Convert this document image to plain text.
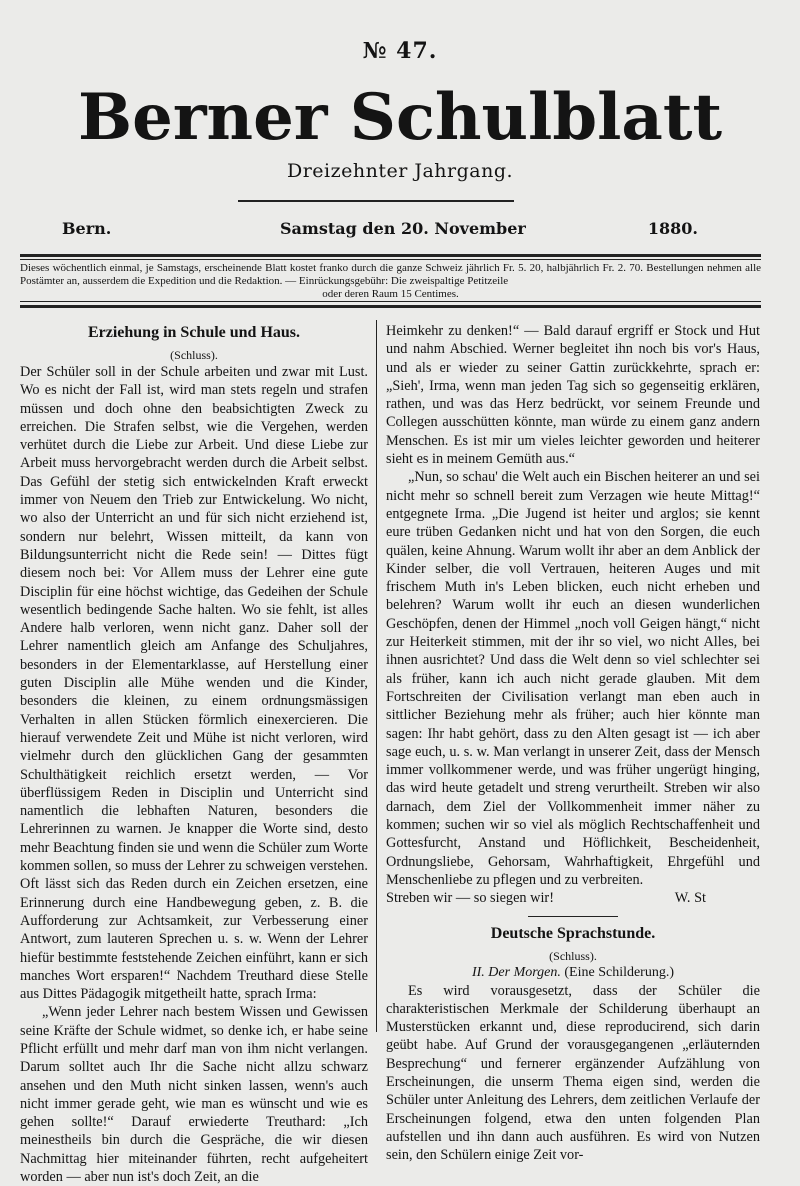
№ 47.
Berner Schulblatt
Dreizehnter Jahrgang.
Bern.	Samstag den 20. November	1880.
Dieses wöchentlich einmal, je Samstags, erscheinende Blatt kostet franko durch die ganze Schweiz jährlich Fr. 5. 20, halbjährlich Fr. 2. 70. Bestellungen nehmen alle Postämter an, ausserdem die Expedition und die Redaktion. — Einrückungsgebühr: Die zweispaltige Petitzeile
oder deren Raum 15 Centimes.

Erziehung in Schule und Haus.

(Schluss).

Der Schüler soll in der Schule arbeiten und zwar mit Lust. Wo es nicht der Fall ist, wird man stets regeln und strafen müssen und doch ohne den beabsichtigten Zweck zu erreichen. Die Strafen selbst, wie die Vergehen, werden verhütet durch die Liebe zur Arbeit. Und diese Liebe zur Arbeit muss hervorgebracht werden durch die Arbeit selbst. Das Gefühl der stetig sich entwickelnden Kraft erweckt immer von Neuem den Trieb zur Entwickelung. Wo nicht, wo also der Unterricht an und für sich nicht erziehend ist, sondern nur belehrt, Wissen mitteilt, da kann von Bildungsunterricht nicht die Rede sein! — Dittes fügt diesem noch bei: Vor Allem muss der Lehrer eine gute Disciplin für eine höchst wichtige, das Gedeihen der Schule wesentlich bedingende Sache halten. Wo sie fehlt, ist alles Andere halb verloren, wenn nicht ganz. Daher soll der Lehrer namentlich gleich am Anfange des Schuljahres, besonders in der Elementarklasse, auf Herstellung einer guten Disciplin alle Mühe wenden und die Kinder, besonders die kleinen, zu einem ordnungsmässigen Verhalten in allen Stücken förmlich einexercieren. Die hierauf verwendete Zeit und Mühe ist nicht verloren, wird vielmehr durch den glücklichen Gang der gesammten Schulthätigkeit reichlich ersetzt werden, — Vor überflüssigem Reden in Disciplin und Unterricht sind namentlich die lebhaften Naturen, besonders die Lehrerinnen zu warnen. Je knapper die Worte sind, desto mehr Beachtung finden sie und wenn die Schüler zum Worte kommen sollen, so muss der Lehrer zu schweigen verstehen. Oft lässt sich das Reden durch ein Zeichen ersetzen, eine Erinnerung durch eine Handbewegung geben, z. B. die Aufforderung zur Achtsamkeit, zur Verbesserung einer Antwort, zum lauteren Sprechen u. s. w. Wenn der Lehrer hiefür bestimmte feststehende Zeichen einführt, kann er sich manches Wort ersparen!“ Nachdem Treuthard diese Stelle aus Dittes Pädagogik mitgetheilt hatte, sprach Irma:

„Wenn jeder Lehrer nach bestem Wissen und Gewissen seine Kräfte der Schule widmet, so denke ich, er habe seine Pflicht erfüllt und mehr darf man von ihm nicht verlangen. Darum solltet auch Ihr die Sache nicht allzu schwarz ansehen und den Muth nicht sinken lassen, wenn's auch nicht immer gerade geht, wie man es wünscht und wie es gehen sollte!“ Darauf erwiederte Treuthard: „Ich meinestheils bin durch die Gespräche, die wir diesen Nachmittag hier miteinander führten, recht aufgeheitert worden — aber nun ist's doch Zeit, an die

Heimkehr zu denken!“ — Bald darauf ergriff er Stock und Hut und nahm Abschied. Werner begleitet ihn noch bis vor's Haus, und als er wieder zu seiner Gattin zurückkehrte, sprach er: „Sieh', Irma, wenn man jeden Tag sich so gegenseitig erklären, rathen, und was das Herz bedrückt, vor seinem Freunde und Collegen ausschütten könnte, man würde zu einem ganz andern Menschen. Es ist mir um vieles leichter geworden und heiterer sieht es in meinem Gemüth aus.“

„Nun, so schau' die Welt auch ein Bischen heiterer an und sei nicht mehr so schnell bereit zum Verzagen wie heute Mittag!“ entgegnete Irma. „Die Jugend ist heiter und arglos; sie kennt eure trüben Gedanken nicht und hat von den Sorgen, die euch quälen, keine Ahnung. Warum wollt ihr aber an dem Anblick der Kinder selber, die voll Vertrauen, heiteren Auges und mit frischem Muth in's Leben blicken, euch nicht erheben und belehren? Warum wollt ihr euch an diesen wunderlichen Geschöpfen, denen der Himmel „noch voll Geigen hängt,“ nicht zur Heiterkeit stimmen, mit der ihr so viel, wo nicht Alles, bei ihnen ausrichtet? Und dass die Welt denn so viel schlechter sei als früher, kann ich auch nicht gerade glauben. Mit dem Fortschreiten der Civilisation verlangt man eben auch in sittlicher Beziehung mehr als früher; auch hier könnte man sagen: Ihr habt gehört, dass zu den Alten gesagt ist — ich aber sage euch, u. s. w. Man verlangt in unserer Zeit, dass der Mensch immer vollkommener werde, und was früher ungerügt hinging, das wird heute getadelt und streng verurtheilt. Streben wir also darnach, dem Ziel der Vollkommenheit immer näher zu kommen; suchen wir so viel als möglich Rechtschaffenheit und Gottesfurcht, Anstand und Höflichkeit, Bescheidenheit, Ordnungsliebe, Gehorsam, Wahrhaftigkeit, Ehrgefühl und Menschenliebe zu pflegen und zu verbreiten.

Streben wir — so siegen wir!	W. St

Deutsche Sprachstunde.

(Schluss).

II. Der Morgen. (Eine Schilderung.)

Es wird vorausgesetzt, dass der Schüler die charakteristischen Merkmale der Schilderung überhaupt an Musterstücken erkannt und, diese reproducirend, sich darin geübt habe. Auf Grund der vorausgegangenen „erläuternden Besprechung“ und fernerer ergänzender Aufzählung von Erscheinungen, die unserm Thema eigen sind, werden die Schüler unter Anleitung des Lehrers, dem zeitlichen Verlaufe der Erscheinungen folgend, etwa den unten folgenden Plan aufstellen und ihn dann auch ausführen. Es wird von Nutzen sein, den Schülern einige Zeit vor-
